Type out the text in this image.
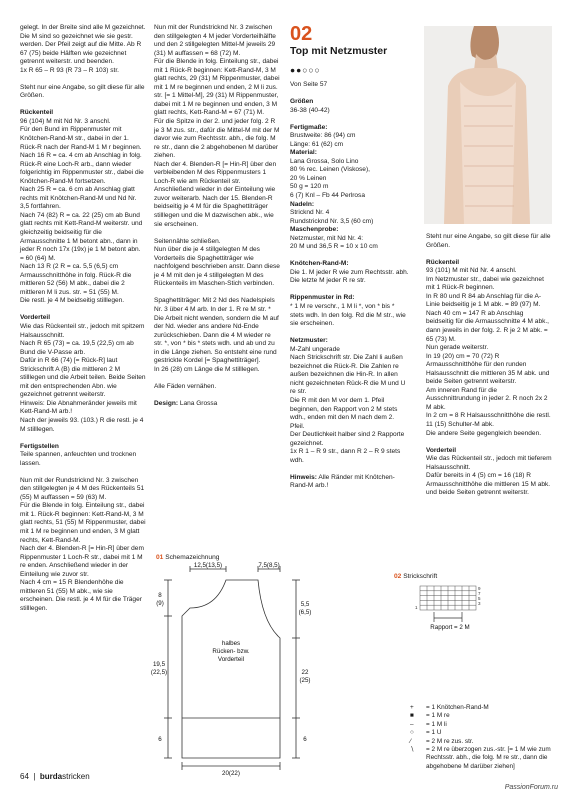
gelegt. In der Breite sind alle M gezeichnet. Die M sind so gezeichnet wie sie gestr. werden. Der Pfeil zeigt auf die Mitte. Ab R 67 (75) beide Hälften wie gezeichnet getrennt weiterstr. und beenden.
1x R 65 – R 93 (R 73 – R 103) str.

Steht nur eine Angabe, so gilt diese für alle Größen.

Rückenteil
96 (104) M mit Nd Nr. 3 anschl.
Für den Bund im Rippenmuster mit Knötchen-Rand-M str., dabei in der 1. Rück-R nach der Rand-M 1 M r beginnen.
Nach 16 R = ca. 4 cm ab Anschlag in folg. Rück-R eine Loch-R arb., dann wieder folgerichtig im Rippenmuster str., dabei die Knötchen-Rand-M fortsetzen.
Nach 25 R = ca. 6 cm ab Anschlag glatt rechts mit Knötchen-Rand-M und Nd Nr. 3,5 fortfahren.
Nach 74 (82) R = ca. 22 (25) cm ab Bund glatt rechts mit Kett-Rand-M weiterstr. und gleichzeitig beidseitig für die Armausschnitte 1 M betont abn., dann in jeder R noch 17x (19x) je 1 M betont abn. = 60 (64) M.
Nach 13 R (2 R = ca. 5,5 (6,5) cm Armausschnitthöhe in folg. Rück-R die mittleren 52 (56) M abk., dabei die 2 mittleren M li zus. str. = 51 (55) M.
Die restl. je 4 M beidseitig stilllegen.

Vorderteil
Wie das Rückenteil str., jedoch mit spitzem Halsausschnitt.
Nach R 65 (73) = ca. 19,5 (22,5) cm ab Bund die V-Passe arb.
Dafür in R 66 (74) [= Rück-R] laut Strickschrift A (B) die mittleren 2 M stilllegen und die Arbeit teilen. Beide Seiten mit den entsprechenden Abn. wie gezeichnet getrennt weiterstr.
Hinweis: Die Abnahmeränder jeweils mit Kett-Rand-M arb.!
Nach der jeweils 93. (103.) R die restl. je 4 M stilllegen.

Fertigstellen
Teile spannen, anfeuchten und trocknen lassen.

Nun mit der Rundstricknd Nr. 3 zwischen den stillgelegten je 4 M des Rückenteils 51 (55) M auffassen = 59 (63) M.
Für die Blende in folg. Einteilung str., dabei mit 1. Rück-R beginnen: Kett-Rand-M, 3 M glatt rechts, 51 (55) M Rippenmuster, dabei mit 1 M re beginnen und enden, 3 M glatt rechts, Kett-Rand-M.
Nach der 4. Blenden-R [= Hin-R] über dem Rippenmuster 1 Loch-R str., dabei mit 1 M re enden. Anschließend wieder in der Einteilung wie zuvor str.
Nach 4 cm = 15 R Blendenhöhe die mittleren 51 (55) M abk., wie sie erscheinen. Die restl. je 4 M für die Träger stilllegen.

Nun mit der Rundstricknd Nr. 3 zwischen den stillgelegten 4 M jeder Vorderteilhälfte und den 2 stillgelegten Mittel-M jeweils 29 (31) M auffassen = 68 (72) M.
Für die Blende in folg. Einteilung str., dabei mit 1 Rück-R beginnen: Kett-Rand-M, 3 M glatt rechts, 29 (31) M Rippenmuster, dabei mit 1 M re beginnen und enden, 2 M li zus. str. [= 1 Mittel-M], 29 (31) M Rippenmuster, dabei mit 1 M re beginnen und enden, 3 M glatt rechts, Kett-Rand-M = 67 (71) M.
Für die Spitze in der 2. und jeder folg. 2 R je 3 M zus. str., dafür die Mittel-M mit der M davor wie zum Rechtsstr. abh., die folg. M re str., dann die 2 abgehobenen M darüber ziehen.
Nach der 4. Blenden-R [= Hin-R] über den verbleibenden M des Rippenmusters 1 Loch-R wie am Rückenteil str. Anschließend wieder in der Einteilung wie zuvor weiterarb. Nach der 15. Blenden-R beidseitig je 4 M für die Spaghettiträger stilllegen und die M dazwischen abk., wie sie erscheinen.

Seitennähte schließen.
Nun über die je 4 stillgelegten M des Vorderteils die Spaghettiträger wie nachfolgend beschrieben anstr. Dann diese je 4 M mit den je 4 stillgelegten M des Rückenteils im Maschen-Stich verbinden.

Spaghettiträger: Mit 2 Nd des Nadelspiels Nr. 3 über 4 M arb. In der 1. R re M str. * Die Arbeit nicht wenden, sondern die M auf der Nd. wieder ans andere Nd-Ende zurückschieben. Dann die 4 M wieder re str. *, von * bis * stets wdh. und ab und zu in die Länge ziehen. So entsteht eine rund gestrickte Kordel [= Spaghettiträger].
In 26 (28) cm Länge die M stilllegen.

Alle Fäden vernähen.

Design: Lana Grossa

02
Top mit Netzmuster
●●○○○

Von Seite 57

Größen
36-38 (40-42)

Fertigmaße:
Brustweite: 86 (94) cm
Länge: 61 (62) cm

Material:
Lana Grossa, Solo Lino
80 % rec. Leinen (Viskose),
20 % Leinen
50 g = 120 m
6 (7) Knl – Fb 44 Perlrosa

Nadeln:
Stricknd Nr. 4
Rundstricknd Nr. 3,5 (60 cm)

Maschenprobe:
Netzmuster, mit Nd Nr. 4:
20 M und 36,5 R = 10 x 10 cm

Knötchen-Rand-M:
Die 1. M jeder R wie zum Rechtsstr. abh. Die letzte M jeder R re str.

Rippenmuster in Rd:
* 1 M re verschr., 1 M li *, von * bis * stets wdh. In den folg. Rd die M str., wie sie erscheinen.

Netzmuster:
M-Zahl ungerade
Nach Strickschrift str. Die Zahl li außen bezeichnet die Rück-R. Die Zahlen re außen bezeichnen die Hin-R. In allen nicht gezeichneten Rück-R die M und U re str.
Die R mit den M vor dem 1. Pfeil beginnen, den Rapport von 2 M stets wdh., enden mit den M nach dem 2. Pfeil.
Der Deutlichkeit halber sind 2 Rapporte gezeichnet.
1x R 1 – R 9 str., dann R 2 – R 9 stets wdh.

Hinweis: Alle Ränder mit Knötchen-Rand-M arb.!

Steht nur eine Angabe, so gilt diese für alle Größen.

Rückenteil
93 (101) M mit Nd Nr. 4 anschl.
Im Netzmuster str., dabei wie gezeichnet mit 1 Rück-R beginnen.
In R 80 und R 84 ab Anschlag für die A-Linie beidseitig je 1 M abk. = 89 (97) M.
Nach 40 cm = 147 R ab Anschlag beidseitig für die Armausschnitte 4 M abk., dann jeweils in der folg. 2. R je 2 M abk. = 65 (73) M.
Nun gerade weiterstr.
In 19 (20) cm = 70 (72) R Armausschnitthöhe für den runden Halsausschnitt die mittleren 35 M abk. und beide Seiten getrennt weiterstr.
Am inneren Rand für die Ausschnittrundung in jeder 2. R noch 2x 2 M abk.
In 2 cm = 8 R Halsausschnitthöhe die restl. 11 (15) Schulter-M abk.
Die andere Seite gegengleich beenden.

Vorderteil
Wie das Rückenteil str., jedoch mit tieferem Halsausschnitt.
Dafür bereits in 4 (5) cm = 16 (18) R Armausschnitthöhe die mittleren 15 M abk. und beide Seiten getrennt weiterstr.

01 Schemazeichnung
12,5(13,5)	7,5(8,5)
8
(9)	5,5
(6,5)
19,5
(22,5)	22
(25)
6	6
20(22)
halbes
Rücken- bzw.
Vorderteil
02 Strickschrift
9
7
5
3
1
Rapport = 2 M
+	= 1 Knötchen-Rand-M
■	= 1 M re
–	= 1 M li
○	= 1 U
⁄	= 2 M re zus. str.
∖	= 2 M re überzogen zus.-str. [= 1 M wie zum Rechtsstr. abh., die folg. M re str., dann die abgehobene M darüber ziehen]
64  |  burdastricken
PassionForum.ru
